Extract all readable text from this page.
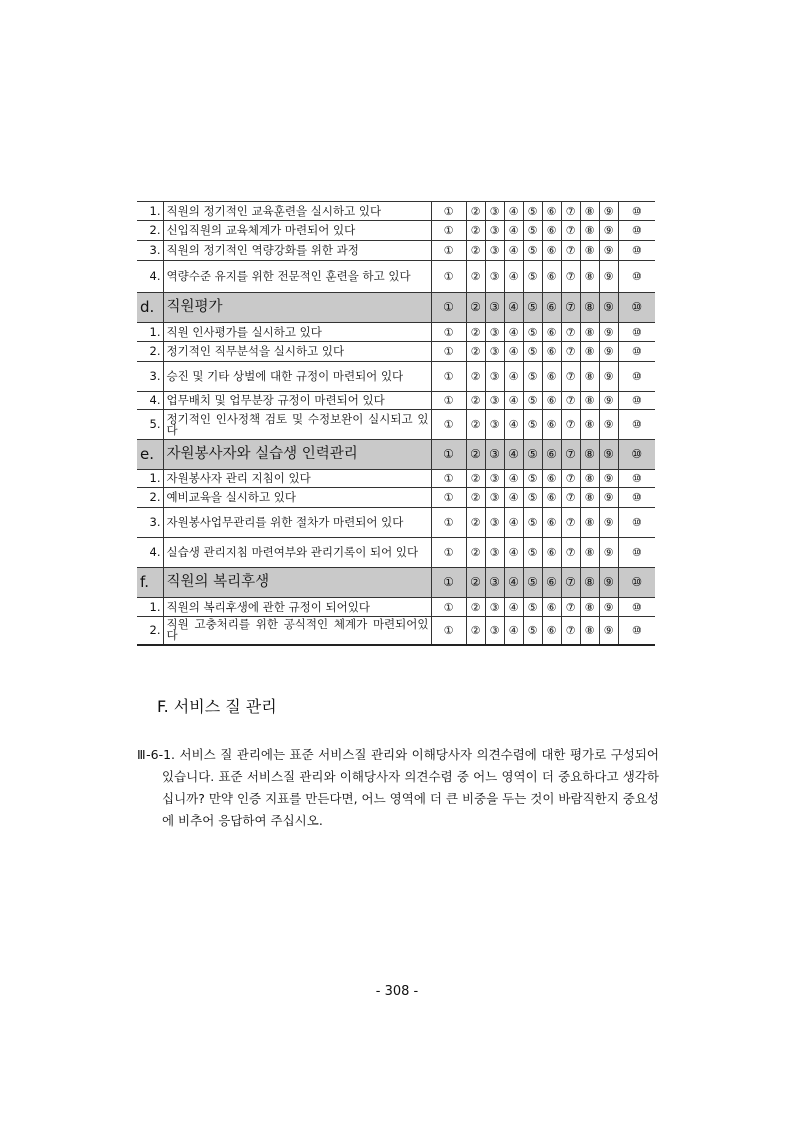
1.	직원의 정기적인 교육훈련을 실시하고 있다	①	②	③	④	⑤	⑥	⑦	⑧	⑨	⑩
2.	신입직원의 교육체계가 마련되어 있다	①	②	③	④	⑤	⑥	⑦	⑧	⑨	⑩
3.	직원의 정기적인 역량강화를 위한 과정	①	②	③	④	⑤	⑥	⑦	⑧	⑨	⑩
4.	역량수준 유지를 위한 전문적인 훈련을 하고 있다	①	②	③	④	⑤	⑥	⑦	⑧	⑨	⑩
d.	직원평가	①	②	③	④	⑤	⑥	⑦	⑧	⑨	⑩
1.	직원 인사평가를 실시하고 있다	①	②	③	④	⑤	⑥	⑦	⑧	⑨	⑩
2.	정기적인 직무분석을 실시하고 있다	①	②	③	④	⑤	⑥	⑦	⑧	⑨	⑩
3.	승진 및 기타 상벌에 대한 규정이 마련되어 있다	①	②	③	④	⑤	⑥	⑦	⑧	⑨	⑩
4.	업무배치 및 업무분장 규정이 마련되어 있다	①	②	③	④	⑤	⑥	⑦	⑧	⑨	⑩
5.	정기적인 인사정책 검토 및 수정보완이 실시되고 있다	①	②	③	④	⑤	⑥	⑦	⑧	⑨	⑩
e.	자원봉사자와 실습생 인력관리	①	②	③	④	⑤	⑥	⑦	⑧	⑨	⑩
1.	자원봉사자 관리 지침이 있다	①	②	③	④	⑤	⑥	⑦	⑧	⑨	⑩
2.	예비교육을 실시하고 있다	①	②	③	④	⑤	⑥	⑦	⑧	⑨	⑩
3.	자원봉사업무관리를 위한 절차가 마련되어 있다	①	②	③	④	⑤	⑥	⑦	⑧	⑨	⑩
4.	실습생 관리지침 마련여부와 관리기록이 되어 있다	①	②	③	④	⑤	⑥	⑦	⑧	⑨	⑩
f.	직원의 복리후생	①	②	③	④	⑤	⑥	⑦	⑧	⑨	⑩
1.	직원의 복리후생에 관한 규정이 되어있다	①	②	③	④	⑤	⑥	⑦	⑧	⑨	⑩
2.	직원 고충처리를 위한 공식적인 체계가 마련되어있다	①	②	③	④	⑤	⑥	⑦	⑧	⑨	⑩
F. 서비스 질 관리

Ⅲ-6-1. 서비스 질 관리에는 표준 서비스질 관리와 이해당사자 의견수렴에 대한 평가로 구성되어 있습니다. 표준 서비스질 관리와 이해당사자 의견수렴 중 어느 영역이 더 중요하다고 생각하십니까? 만약 인증 지표를 만든다면, 어느 영역에 더 큰 비중을 두는 것이 바람직한지 중요성에 비추어 응답하여 주십시오.

- 308 -
